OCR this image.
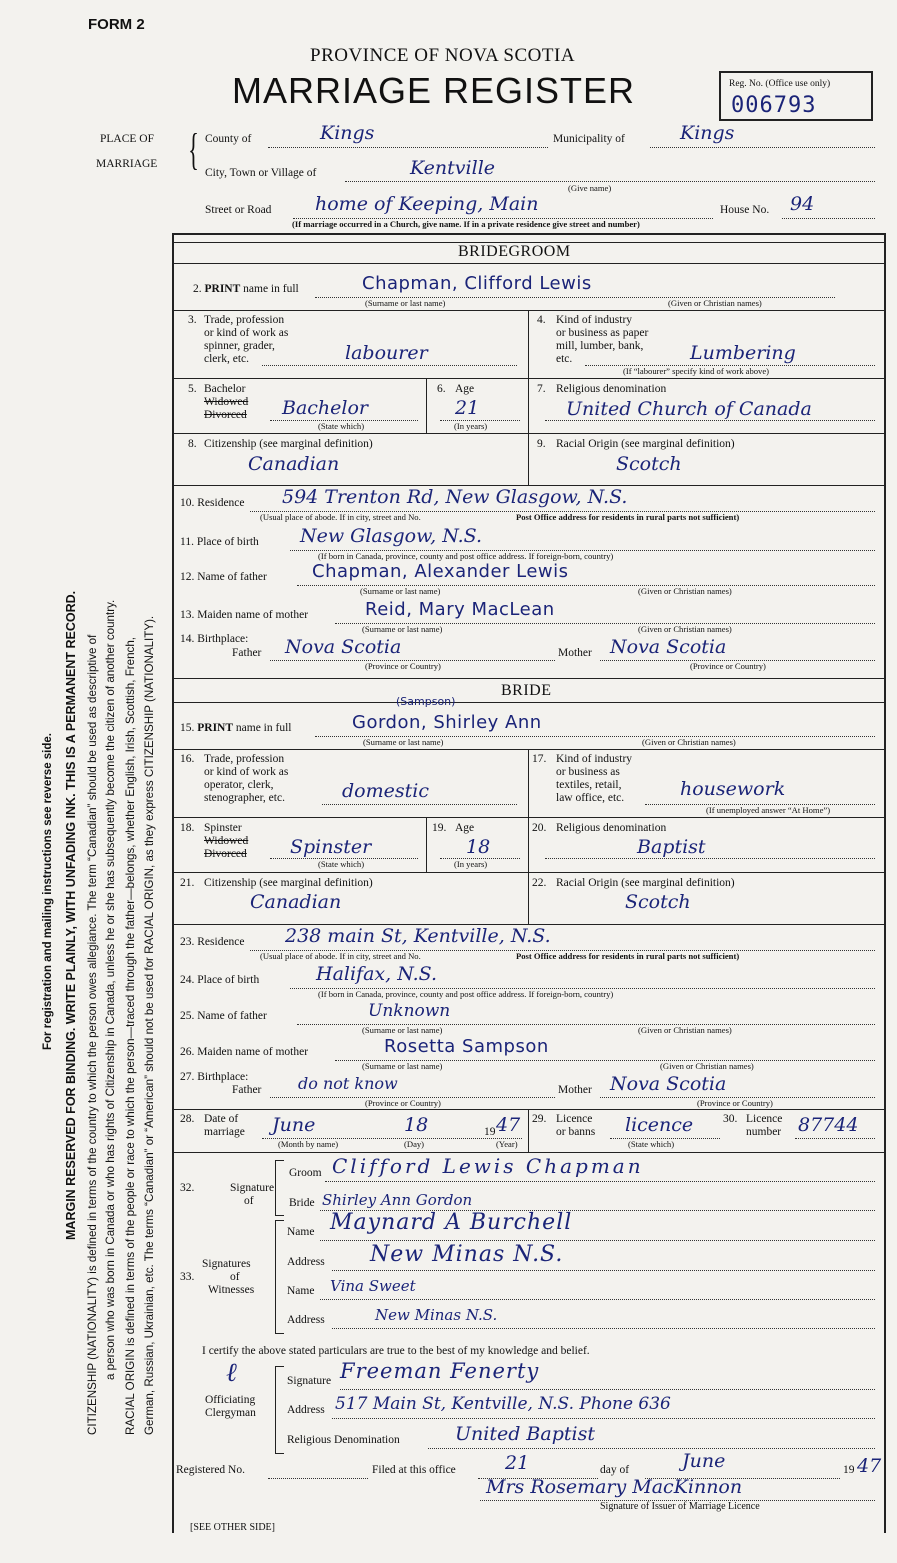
FORM 2
PROVINCE OF NOVA SCOTIA
MARRIAGE REGISTER	Reg. No. (Office use only)
006793
For registration and mailing instructions see reverse side. MARGIN RESERVED FOR BINDING. WRITE PLAINLY, WITH UNFADING INK. THIS IS A PERMANENT RECORD. CITIZENSHIP (NATIONALITY) is defined in terms of the country to which the person owes allegiance. The term “Canadian” should be used as descriptive of a person who was born in Canada or who has rights of Citizenship in Canada, unless he or she has subsequently become the citizen of another country. RACIAL ORIGIN is defined in terms of the people or race to which the person—traced through the father—belongs, whether English, Irish, Scottish, French, German, Russian, Ukrainian, etc. The terms “Canadian” or “American” should not be used for RACIAL ORIGIN, as they express CITIZENSHIP (NATIONALITY).
PLACE OF
MARRIAGE { County of	Kings	Municipality of	Kings
City, Town or Village of	Kentville
(Give name)
Street or Road home of Keeping, Main	House No. 94
(If marriage occurred in a Church, give name. If in a private residence give street and number)
BRIDEGROOM
2. PRINT name in full	Chapman, Clifford Lewis
(Surname or last name)	(Given or Christian names)
3. Trade, profession
or kind of work as
spinner, grader,
clerk, etc.	labourer
4. Kind of industry
or business as paper
mill, lumber, bank,
etc.	Lumbering
(If “labourer” specify kind of work above)
5. Bachelor
Widowed
Divorced Bachelor
(State which)
6. Age
21
(In years)
7. Religious denomination
United Church of Canada
8. Citizenship (see marginal definition)
Canadian
9. Racial Origin (see marginal definition)
Scotch
10. Residence 594 Trenton Rd, New Glasgow, N.S.
(Usual place of abode. If in city, street and No.	Post Office address for residents in rural parts not sufficient)
11. Place of birth New Glasgow, N.S.
(If born in Canada, province, county and post office address. If foreign-born, country)
12. Name of father	Chapman, Alexander Lewis
(Surname or last name)	(Given or Christian names)
13. Maiden name of mother	Reid, Mary MacLean
(Surname or last name)	(Given or Christian names)
14. Birthplace:
Father Nova Scotia
(Province or Country)
Mother Nova Scotia
(Province or Country)
BRIDE
15. PRINT name in full
(Sampson)
Gordon, Shirley Ann
(Surname or last name)	(Given or Christian names)
16. Trade, profession
or kind of work as
operator, clerk,
stenographer, etc.	domestic
17. Kind of industry
or business as
textiles, retail,
law office, etc.	housework
(If unemployed answer “At Home”)
18. Spinster
Widowed
Divorced Spinster
(State which)
19. Age
18
(In years)
20. Religious denomination
Baptist
21. Citizenship (see marginal definition)
Canadian
22. Racial Origin (see marginal definition)
Scotch
23. Residence 238 main St, Kentville, N.S.
(Usual place of abode. If in city, street and No.	Post Office address for residents in rural parts not sufficient)
24. Place of birth	Halifax, N.S.
(If born in Canada, province, county and post office address. If foreign-born, country)
25. Name of father	Unknown
(Surname or last name)	(Given or Christian names)
26. Maiden name of mother	Rosetta Sampson
(Surname or last name)	(Given or Christian names)
27. Birthplace:
Father do not know
(Province or Country)
Mother Nova Scotia
(Province or Country)
28. Date of
marriage June	18	19 47
(Month by name)	(Day)	(Year)
29. Licence
or banns licence
(State which)
30. Licence
number 87744
32.	Signature
of
Groom Clifford Lewis Chapman
Bride Shirley Ann Gordon
33.
Signatures
of
Witnesses
Name Maynard A Burchell
Address New Minas N.S.
Name Vina Sweet
Address	New Minas N.S.
I certify the above stated particulars are true to the best of my knowledge and belief.
ℓ
Officiating
Clergyman
Signature Freeman Fenerty
Address 517 Main St, Kentville, N.S. Phone 636
Religious Denomination	United Baptist
Registered No.	Filed at this office	21	day of	June	19 47
Mrs Rosemary MacKinnon
Signature of Issuer of Marriage Licence
[SEE OTHER SIDE]
